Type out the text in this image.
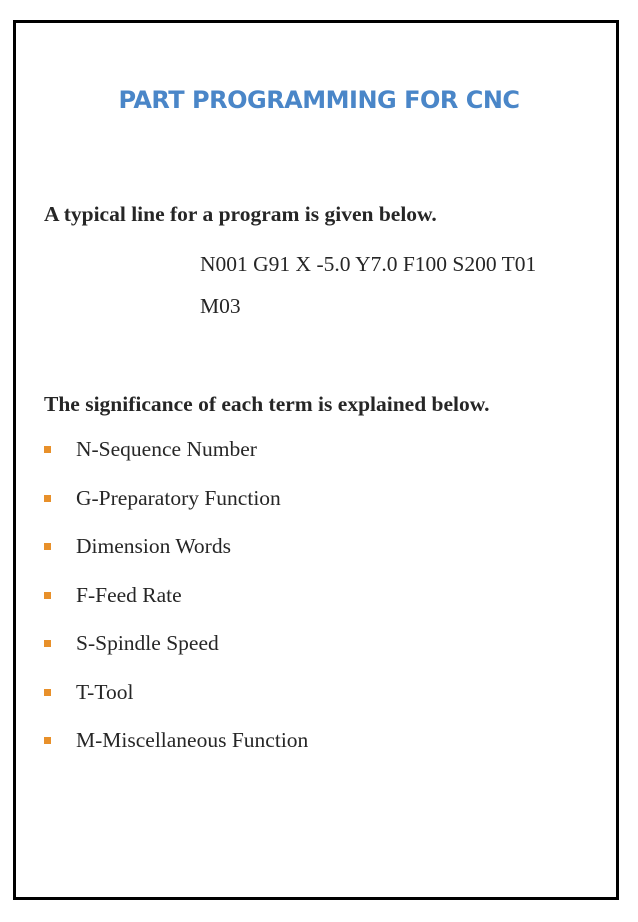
PART PROGRAMMING FOR CNC
A typical line for a program is given below.
N001 G91 X -5.0 Y7.0 F100 S200 T01
M03
The significance of each term is explained below.
N-Sequence Number
G-Preparatory Function
Dimension Words
F-Feed Rate
S-Spindle Speed
T-Tool
M-Miscellaneous Function
